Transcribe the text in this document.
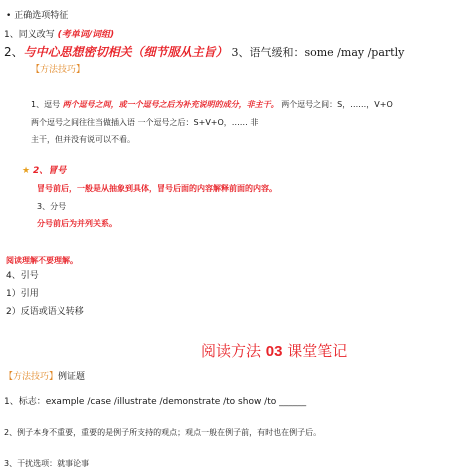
• 正确选项特征
1、同义改写 (考单词/词组)
2、与中心思想密切相关（细节服从主旨） 3、语气缓和：some /may /partly
【方法技巧】
1、逗号 两个逗号之间，或一个逗号之后为补充说明的成分，非主干。 两个逗号之间：S，……，V+O
两个逗号之间往往当做插入语 一个逗号之后：S+V+O，…… 非
主干，但并没有说可以不看。
★ 2、冒号
冒号前后，一般是从抽象到具体，冒号后面的内容解释前面的内容。
3、分号
分号前后为并列关系。
阅读理解不要理解。
4、引号
1）引用
2）反语或语义转移
阅读方法 03 课堂笔记
【方法技巧】例证题
1、标志：example /case /illustrate /demonstrate /to show /to ______
2、例子本身不重要，重要的是例子所支持的观点；观点一般在例子前，有时也在例子后。
3、干扰选项：就事论事
